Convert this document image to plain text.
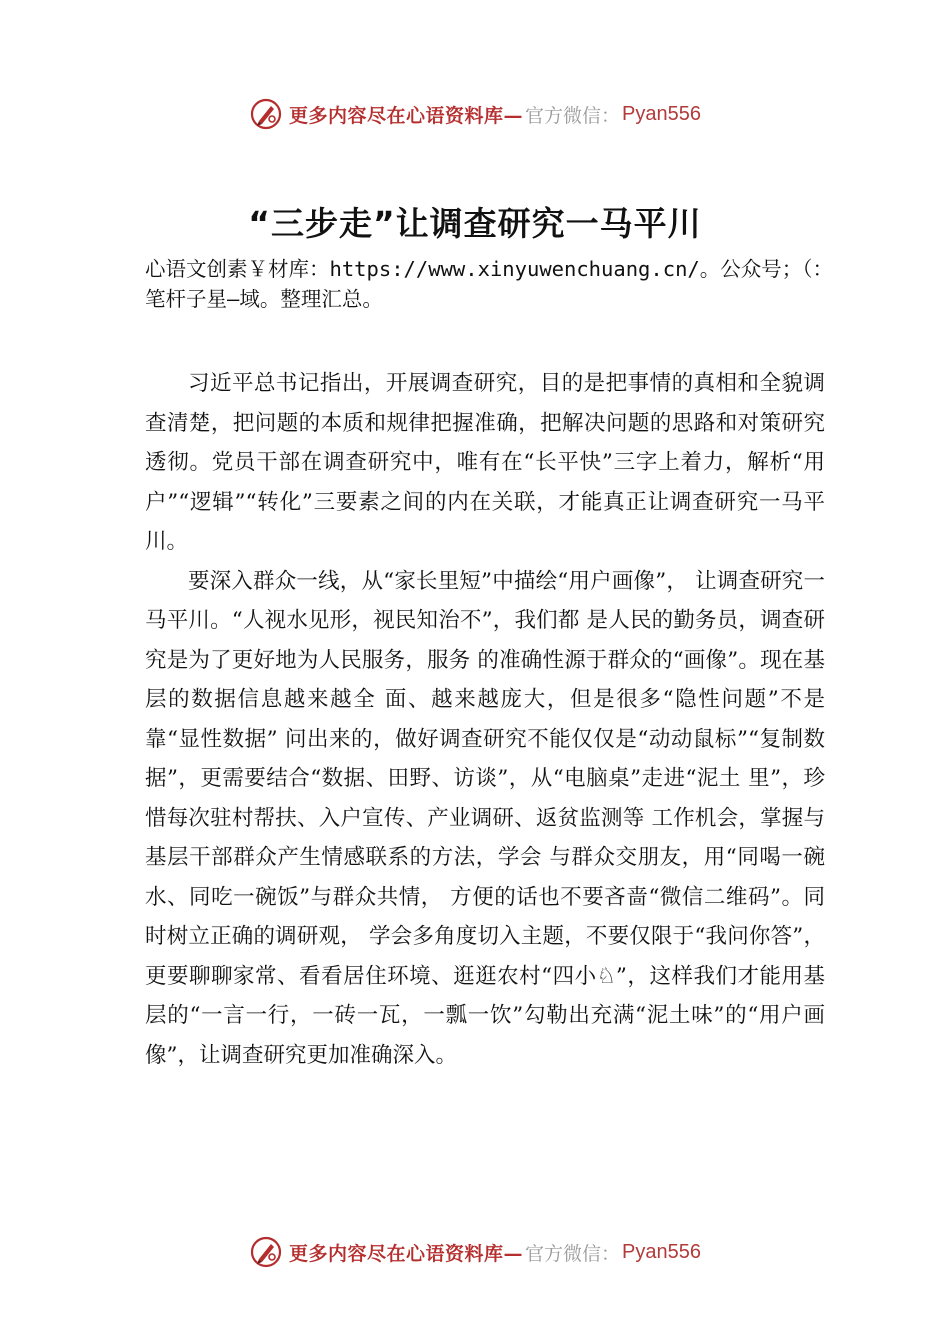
更多内容尽在心语资料库— 官方微信： Pyan556
“三步走”让调查研究一马平川
心语文创素￥材库：https://www.xinyuwenchuang.cn/。公众号；（：笔杆子星—域。整理汇总。

习近平总书记指出，开展调查研究，目的是把事情的真相和全貌调查清楚，把问题的本质和规律把握准确，把解决问题的思路和对策研究透彻。党员干部在调查研究中，唯有在“长平快”三字上着力，解析“用户”“逻辑”“转化”三要素之间的内在关联，才能真正让调查研究一马平川。

要深入群众一线，从“家长里短”中描绘“用户画像”， 让调查研究一马平川。“人视水见形，视民知治不”，我们都 是人民的勤务员，调查研究是为了更好地为人民服务，服务 的准确性源于群众的“画像”。现在基层的数据信息越来越全 面、越来越庞大，但是很多“隐性问题”不是靠“显性数据” 问出来的，做好调查研究不能仅仅是“动动鼠标”“复制数据”，更需要结合“数据、田野、访谈”，从“电脑桌”走进“泥土 里”，珍惜每次驻村帮扶、入户宣传、产业调研、返贫监测等 工作机会，掌握与基层干部群众产生情感联系的方法，学会 与群众交朋友，用“同喝一碗水、同吃一碗饭”与群众共情， 方便的话也不要吝啬“微信二维码”。同时树立正确的调研观， 学会多角度切入主题，不要仅限于“我问你答”，更要聊聊家常、看看居住环境、逛逛农村“四小♘”，这样我们才能用基 层的“一言一行，一砖一瓦，一瓢一饮”勾勒出充满“泥土味”的“用户画像”，让调查研究更加准确深入。

更多内容尽在心语资料库— 官方微信： Pyan556
